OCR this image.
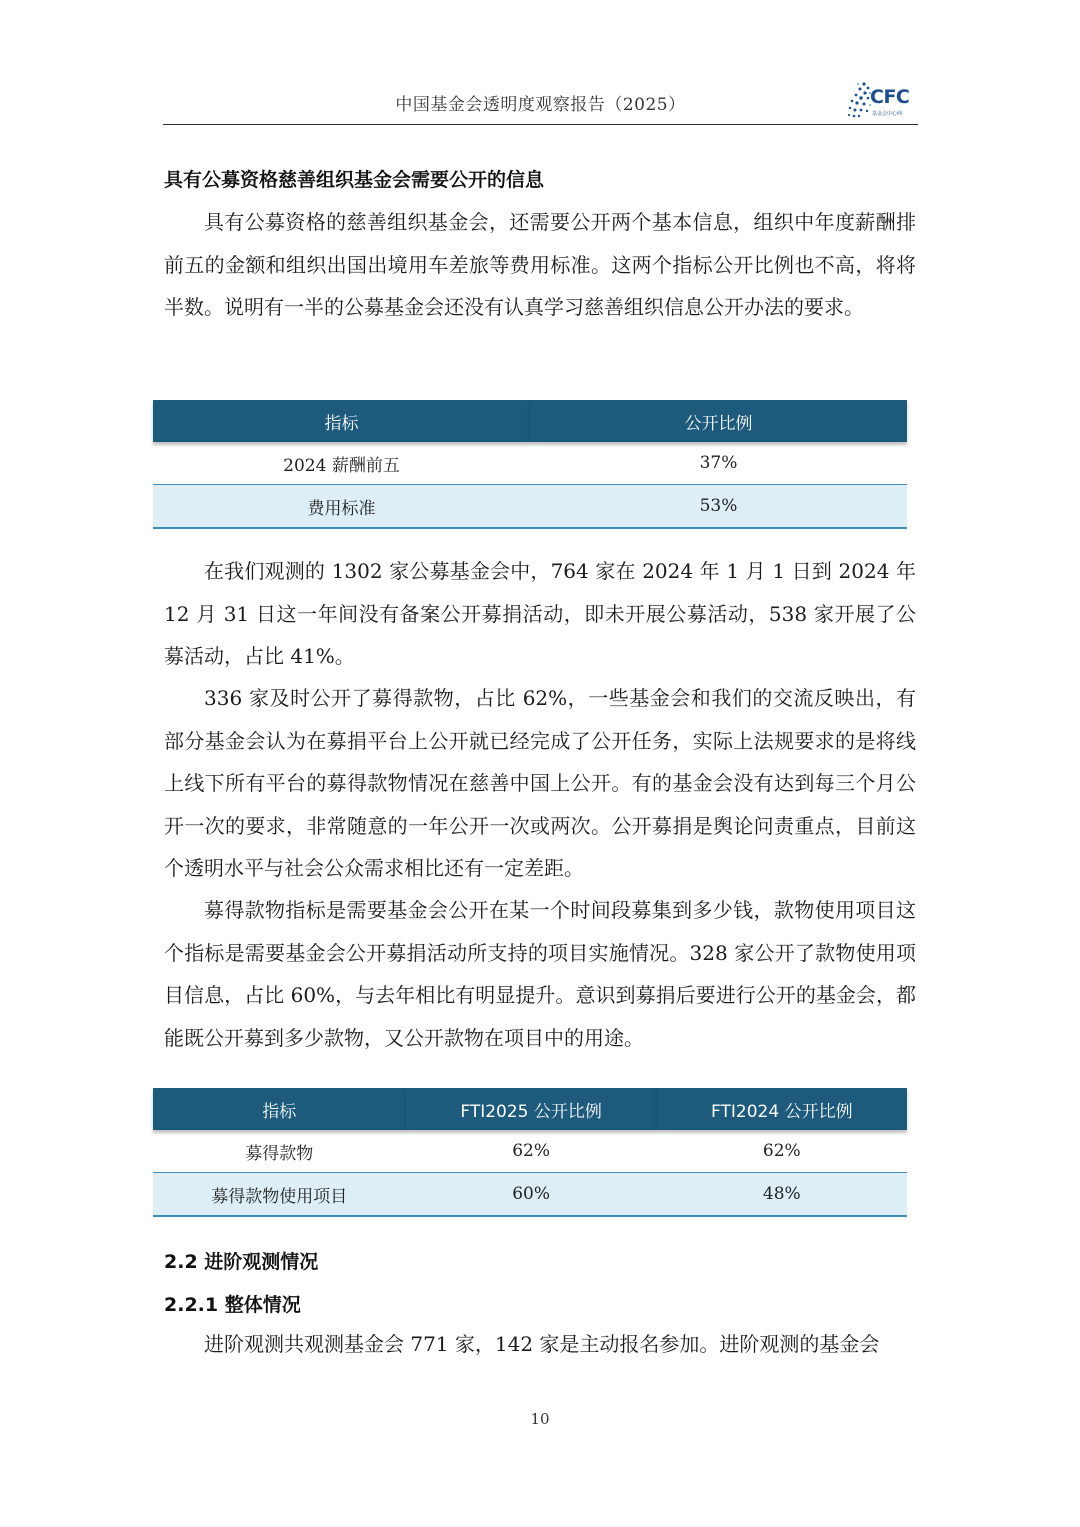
中国基金会透明度观察报告（2025）	CFC
基金会中心网
具有公募资格慈善组织基金会需要公开的信息

具有公募资格的慈善组织基金会，还需要公开两个基本信息，组织中年度薪酬排前五的金额和组织出国出境用车差旅等费用标准。这两个指标公开比例也不高，将将半数。说明有一半的公募基金会还没有认真学习慈善组织信息公开办法的要求。

指标	公开比例
2024 薪酬前五	37%
费用标准	53%

在我们观测的 1302 家公募基金会中，764 家在 2024 年 1 月 1 日到 2024 年 12 月 31 日这一年间没有备案公开募捐活动，即未开展公募活动，538 家开展了公募活动，占比 41%。

336 家及时公开了募得款物，占比 62%，一些基金会和我们的交流反映出，有部分基金会认为在募捐平台上公开就已经完成了公开任务，实际上法规要求的是将线上线下所有平台的募得款物情况在慈善中国上公开。有的基金会没有达到每三个月公开一次的要求，非常随意的一年公开一次或两次。公开募捐是舆论问责重点，目前这个透明水平与社会公众需求相比还有一定差距。

募得款物指标是需要基金会公开在某一个时间段募集到多少钱，款物使用项目这个指标是需要基金会公开募捐活动所支持的项目实施情况。328 家公开了款物使用项目信息，占比 60%，与去年相比有明显提升。意识到募捐后要进行公开的基金会，都能既公开募到多少款物，又公开款物在项目中的用途。

指标	FTI2025 公开比例	FTI2024 公开比例
募得款物	62%	62%
募得款物使用项目	60%	48%
2.2 进阶观测情况
2.2.1 整体情况

进阶观测共观测基金会 771 家，142 家是主动报名参加。进阶观测的基金会

10
